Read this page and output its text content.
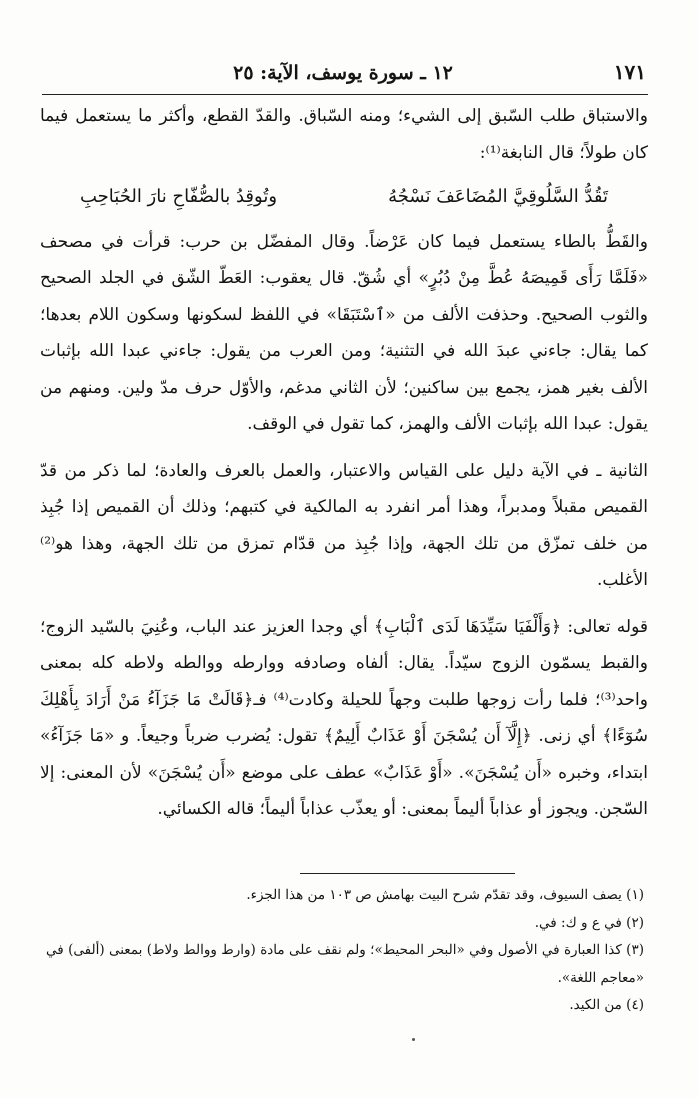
١٧١
١٢ ـ سورة يوسف، الآية: ٢٥

والاستباق طلب السّبق إلى الشيء؛ ومنه السّباق. والقدّ القطع، وأكثر ما يستعمل فيما كان طولاً؛ قال النابغة⁽¹⁾:

تَقُدُّ السَّلُوقِيَّ المُضَاعَفَ نَسْجُهُ
وتُوقِدُ بالصُّفّاحِ نارَ الحُبَاحِبِ

والقَطُّ بالطاء يستعمل فيما كان عَرْضاً. وقال المفضّل بن حرب: قرأت في مصحف «فَلَمَّا رَأَى قَمِيصَهُ عُطَّ مِنْ دُبُرٍ» أي شُقّ. قال يعقوب: العَطّ الشّق في الجلد الصحيح والثوب الصحيح. وحذفت الألف من «ٱسْتَبَقَا» في اللفظ لسكونها وسكون اللام بعدها؛ كما يقال: جاءني عبدَ الله في التثنية؛ ومن العرب من يقول: جاءني عبدا الله بإثبات الألف بغير همز، يجمع بين ساكنين؛ لأن الثاني مدغم، والأوّل حرف مدّ ولين. ومنهم من يقول: عبدا الله بإثبات الألف والهمز، كما تقول في الوقف.

الثانية ـ في الآية دليل على القياس والاعتبار، والعمل بالعرف والعادة؛ لما ذكر من قدّ القميص مقبلاً ومدبراً، وهذا أمر انفرد به المالكية في كتبهم؛ وذلك أن القميص إذا جُبِذ من خلف تمزّق من تلك الجهة، وإذا جُبِذ من قدّام تمزق من تلك الجهة، وهذا هو⁽²⁾ الأغلب.

قوله تعالى: ﴿وَأَلْفَيَا سَيِّدَهَا لَدَى ٱلْبَابِ﴾ أي وجدا العزيز عند الباب، وعُنِيَ بالسّيد الزوج؛ والقبط يسمّون الزوج سيّداً. يقال: ألفاه وصادفه ووارطه ووالطه ولاطه كله بمعنى واحد⁽³⁾؛ فلما رأت زوجها طلبت وجهاً للحيلة وكادت⁽⁴⁾ فـ﴿قَالَتْ مَا جَزَآءُ مَنْ أَرَادَ بِأَهْلِكَ سُوٓءًا﴾ أي زنى. ﴿إِلَّآ أَن يُسْجَنَ أَوْ عَذَابٌ أَلِيمٌ﴾ تقول: يُضرب ضرباً وجيعاً. و «مَا جَزَآءُ» ابتداء، وخبره «أَن يُسْجَنَ». «أَوْ عَذَابٌ» عطف على موضع «أَن يُسْجَنَ» لأن المعنى: إلا السّجن. ويجوز أو عذاباً أليماً بمعنى: أو يعذّب عذاباً أليماً؛ قاله الكسائي.

(١) يصف السيوف، وقد تقدّم شرح البيت بهامش ص ١٠٣ من هذا الجزء.

(٢) في ع و ك: في.

(٣) كذا العبارة في الأصول وفي «البحر المحيط»؛ ولم نقف على مادة (وارط ووالط ولاط) بمعنى (ألفى) في «معاجم اللغة».

(٤) من الكيد.
